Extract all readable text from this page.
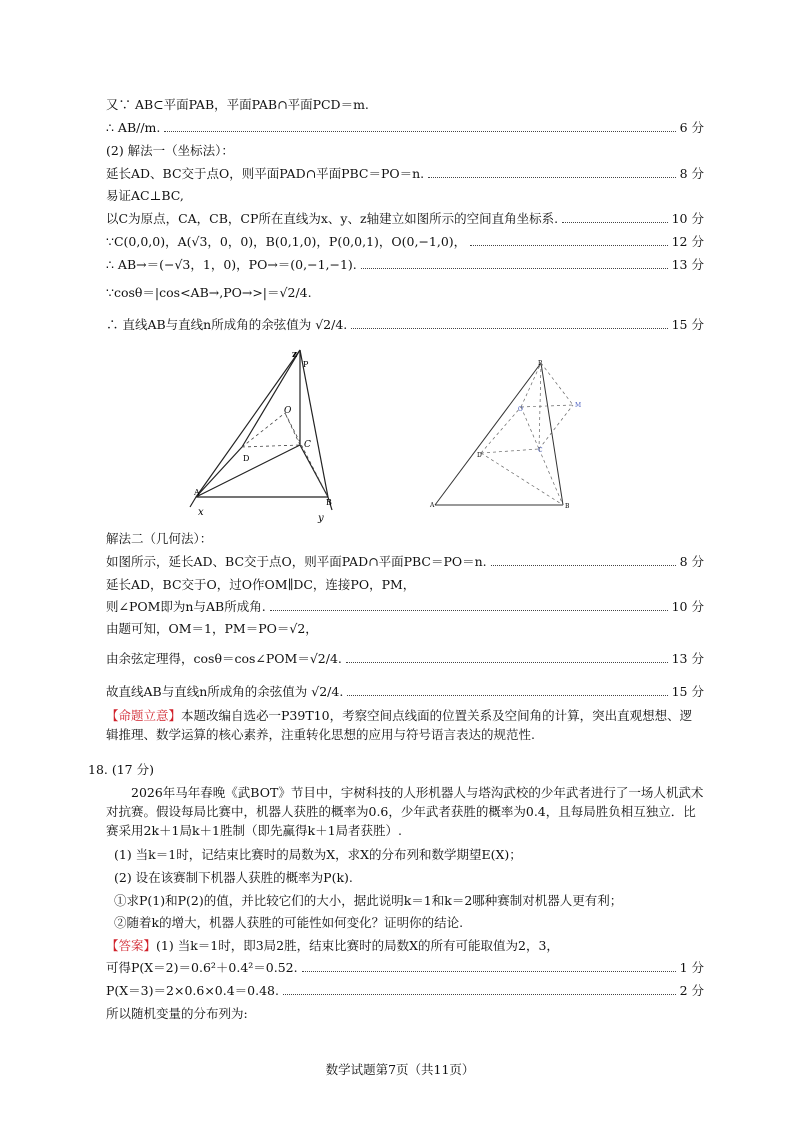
又∵ AB⊂平面PAB，平面PAB∩平面PCD＝m.
∴ AB//m.	6 分
(2) 解法一（坐标法）：
延长AD、BC交于点O，则平面PAD∩平面PBC＝PO＝n.	8 分
易证AC⊥BC,
以C为原点，CA，CB，CP所在直线为x、y、z轴建立如图所示的空间直角坐标系.	10 分
∵C(0,0,0)，A(√3，0，0)，B(0,1,0)，P(0,0,1)，O(0,−1,0)，	12 分
∴ AB→＝(−√3，1，0)，PO→＝(0,−1,−1).	13 分
∵cosθ＝|cos<AB→,PO→>|＝√2/4.
∴ 直线AB与直线n所成角的余弦值为 √2/4.	15 分
z
P
O
C
D
A
B
x
y
P
O
M
D
C
A	B
解法二（几何法）：
如图所示，延长AD、BC交于点O，则平面PAD∩平面PBC＝PO＝n.	8 分
延长AD，BC交于O，过O作OM∥DC，连接PO，PM，
则∠POM即为n与AB所成角.	10 分
由题可知，OM＝1，PM＝PO＝√2，
由余弦定理得，cosθ＝cos∠POM＝√2/4.	13 分
故直线AB与直线n所成角的余弦值为 √2/4.	15 分
【命题立意】本题改编自选必一P39T10，考察空间点线面的位置关系及空间角的计算，突出直观想想、逻辑推理、数学运算的核心素养，注重转化思想的应用与符号语言表达的规范性.
18. (17 分)
2026年马年春晚《武BOT》节目中，宇树科技的人形机器人与塔沟武校的少年武者进行了一场人机武术对抗赛。假设每局比赛中，机器人获胜的概率为0.6，少年武者获胜的概率为0.4，且每局胜负相互独立．比赛采用2k＋1局k＋1胜制（即先赢得k＋1局者获胜）.
(1) 当k＝1时，记结束比赛时的局数为X，求X的分布列和数学期望E(X)；
(2) 设在该赛制下机器人获胜的概率为P(k).
①求P(1)和P(2)的值，并比较它们的大小，据此说明k＝1和k＝2哪种赛制对机器人更有利；
②随着k的增大，机器人获胜的可能性如何变化？证明你的结论.
【答案】(1) 当k＝1时，即3局2胜，结束比赛时的局数X的所有可能取值为2，3，
可得P(X＝2)＝0.6²＋0.4²＝0.52.	1 分
P(X＝3)＝2×0.6×0.4＝0.48.	2 分
所以随机变量的分布列为:
数学试题第7页（共11页）
